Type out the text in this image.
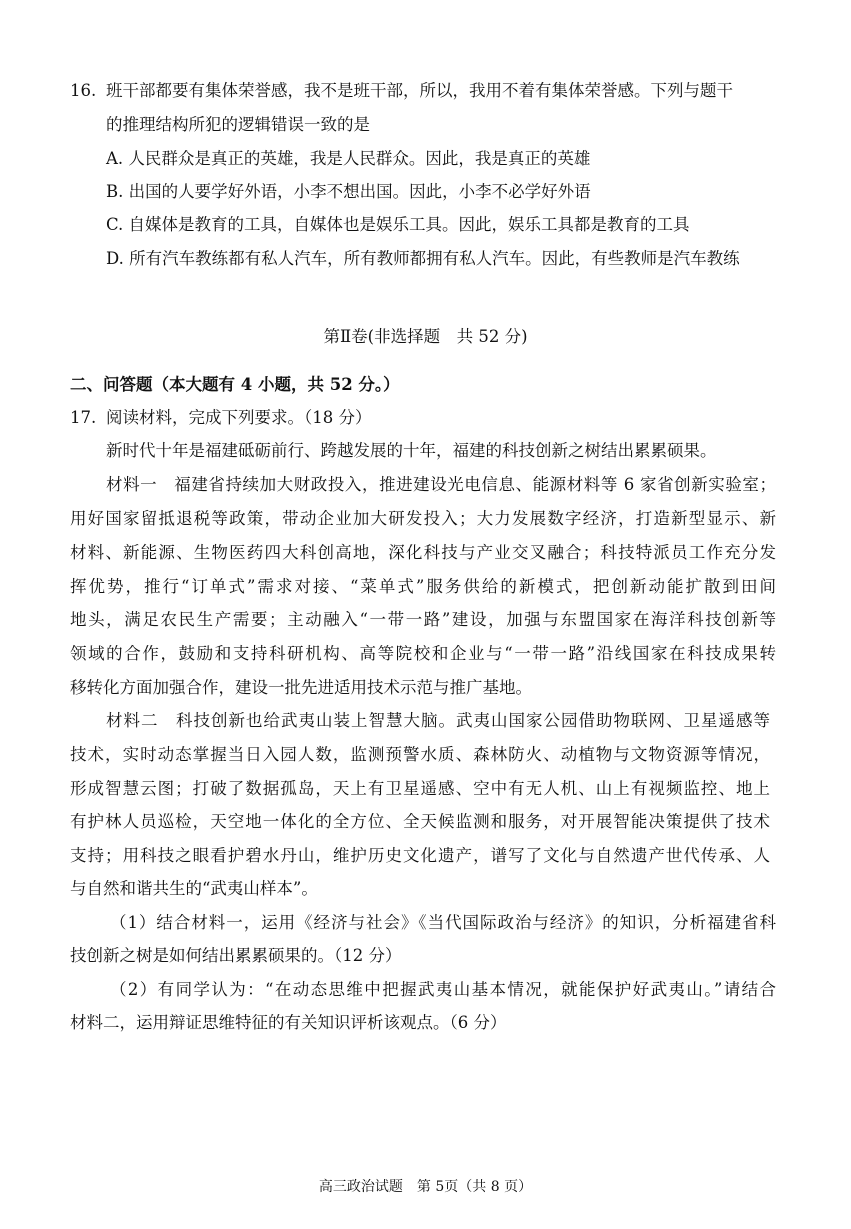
16. 班干部都要有集体荣誉感，我不是班干部，所以，我用不着有集体荣誉感。下列与题干
的推理结构所犯的逻辑错误一致的是
A. 人民群众是真正的英雄，我是人民群众。因此，我是真正的英雄
B. 出国的人要学好外语，小李不想出国。因此，小李不必学好外语
C. 自媒体是教育的工具，自媒体也是娱乐工具。因此，娱乐工具都是教育的工具
D. 所有汽车教练都有私人汽车，所有教师都拥有私人汽车。因此，有些教师是汽车教练
第Ⅱ卷(非选择题　共 52 分)
二、问答题（本大题有 4 小题，共 52 分。）
17. 阅读材料，完成下列要求。（18 分）
新时代十年是福建砥砺前行、跨越发展的十年，福建的科技创新之树结出累累硕果。
材料一　福建省持续加大财政投入，推进建设光电信息、能源材料等 6 家省创新实验室；
用好国家留抵退税等政策，带动企业加大研发投入；大力发展数字经济，打造新型显示、新
材料、新能源、生物医药四大科创高地，深化科技与产业交叉融合；科技特派员工作充分发
挥优势，推行“订单式”需求对接、“菜单式”服务供给的新模式，把创新动能扩散到田间
地头，满足农民生产需要；主动融入“一带一路”建设，加强与东盟国家在海洋科技创新等
领域的合作，鼓励和支持科研机构、高等院校和企业与“一带一路”沿线国家在科技成果转
移转化方面加强合作，建设一批先进适用技术示范与推广基地。
材料二　科技创新也给武夷山装上智慧大脑。武夷山国家公园借助物联网、卫星遥感等
技术，实时动态掌握当日入园人数，监测预警水质、森林防火、动植物与文物资源等情况，
形成智慧云图；打破了数据孤岛，天上有卫星遥感、空中有无人机、山上有视频监控、地上
有护林人员巡检，天空地一体化的全方位、全天候监测和服务，对开展智能决策提供了技术
支持；用科技之眼看护碧水丹山，维护历史文化遗产，谱写了文化与自然遗产世代传承、人
与自然和谐共生的“武夷山样本”。
（1）结合材料一，运用《经济与社会》《当代国际政治与经济》的知识，分析福建省科
技创新之树是如何结出累累硕果的。（12 分）
（2）有同学认为：“在动态思维中把握武夷山基本情况，就能保护好武夷山。”请结合
材料二，运用辩证思维特征的有关知识评析该观点。（6 分）
高三政治试题　第 5页（共 8 页）
